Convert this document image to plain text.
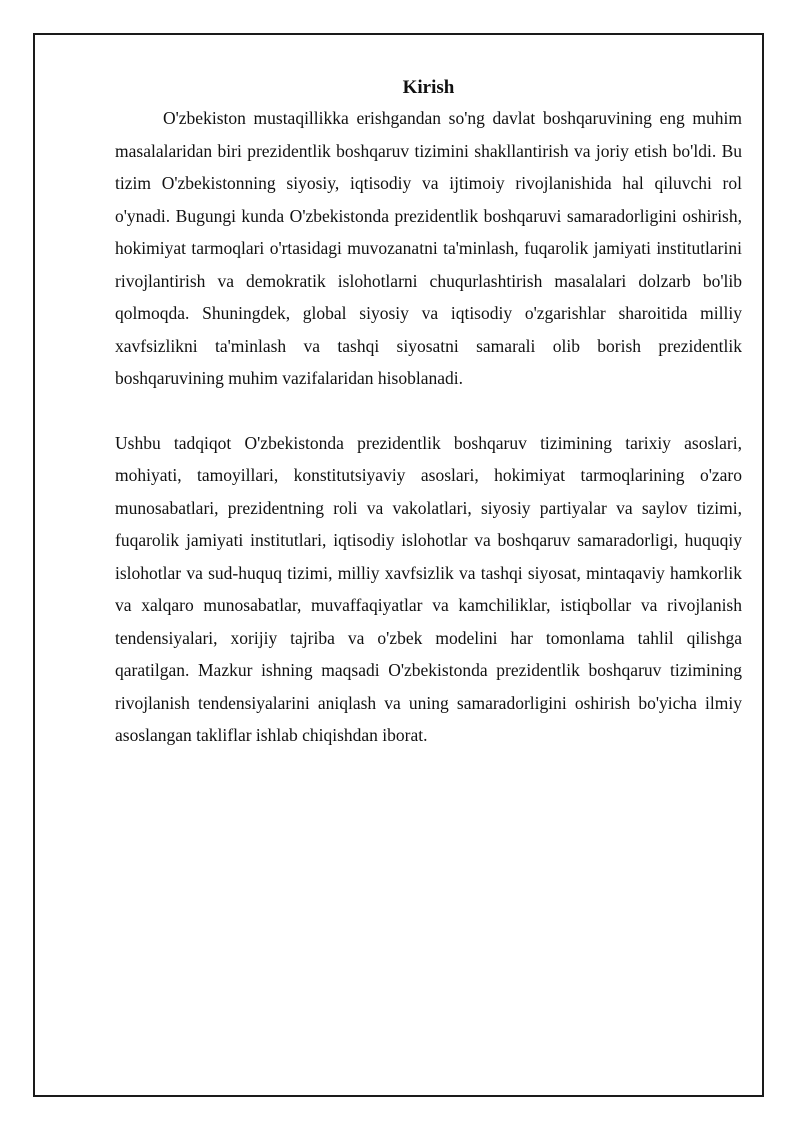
Kirish

O'zbekiston mustaqillikka erishgandan so'ng davlat boshqaruvining eng muhim masalalaridan biri prezidentlik boshqaruv tizimini shakllantirish va joriy etish bo'ldi. Bu tizim O'zbekistonning siyosiy, iqtisodiy va ijtimoiy rivojlanishida hal qiluvchi rol o'ynadi. Bugungi kunda O'zbekistonda prezidentlik boshqaruvi samaradorligini oshirish, hokimiyat tarmoqlari o'rtasidagi muvozanatni ta'minlash, fuqarolik jamiyati institutlarini rivojlantirish va demokratik islohotlarni chuqurlashtirish masalalari dolzarb bo'lib qolmoqda. Shuningdek, global siyosiy va iqtisodiy o'zgarishlar sharoitida milliy xavfsizlikni ta'minlash va tashqi siyosatni samarali olib borish prezidentlik boshqaruvining muhim vazifalaridan hisoblanadi.

Ushbu tadqiqot O'zbekistonda prezidentlik boshqaruv tizimining tarixiy asoslari, mohiyati, tamoyillari, konstitutsiyaviy asoslari, hokimiyat tarmoqlarining o'zaro munosabatlari, prezidentning roli va vakolatlari, siyosiy partiyalar va saylov tizimi, fuqarolik jamiyati institutlari, iqtisodiy islohotlar va boshqaruv samaradorligi, huquqiy islohotlar va sud-huquq tizimi, milliy xavfsizlik va tashqi siyosat, mintaqaviy hamkorlik va xalqaro munosabatlar, muvaffaqiyatlar va kamchiliklar, istiqbollar va rivojlanish tendensiyalari, xorijiy tajriba va o'zbek modelini har tomonlama tahlil qilishga qaratilgan. Mazkur ishning maqsadi O'zbekistonda prezidentlik boshqaruv tizimining rivojlanish tendensiyalarini aniqlash va uning samaradorligini oshirish bo'yicha ilmiy asoslangan takliflar ishlab chiqishdan iborat.
